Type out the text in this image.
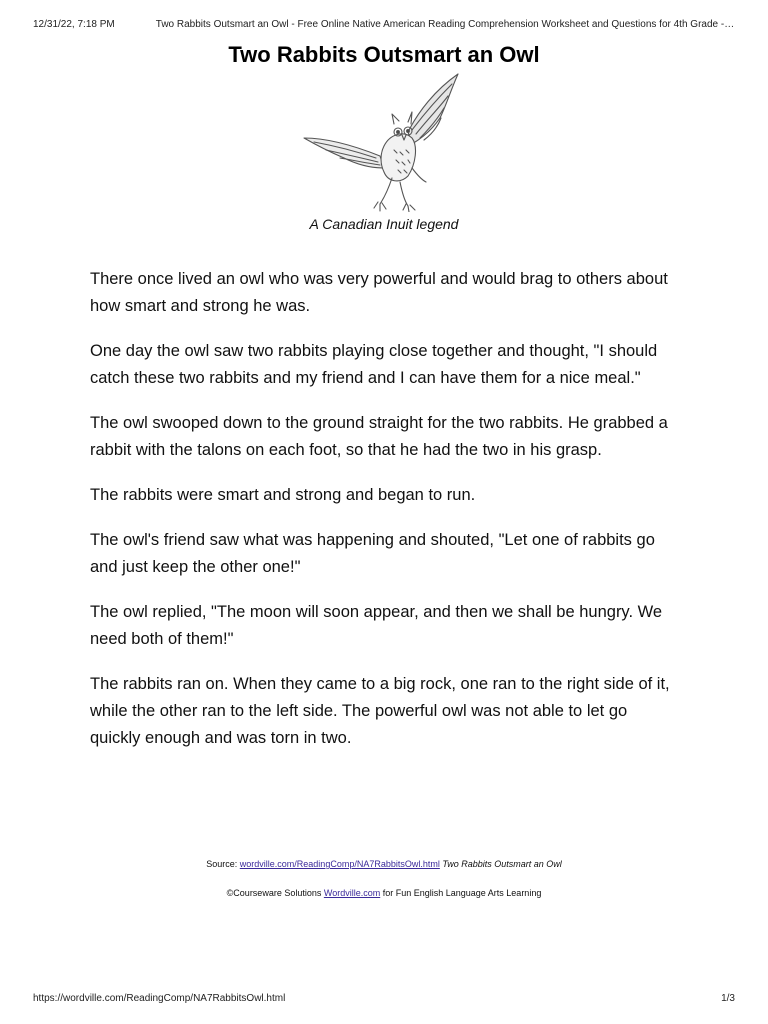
12/31/22, 7:18 PM	Two Rabbits Outsmart an Owl - Free Online Native American Reading Comprehension Worksheet and Questions for 4th Grade -…
Two Rabbits Outsmart an Owl
A Canadian Inuit legend

There once lived an owl who was very powerful and would brag to others about how smart and strong he was.

One day the owl saw two rabbits playing close together and thought, "I should catch these two rabbits and my friend and I can have them for a nice meal."

The owl swooped down to the ground straight for the two rabbits. He grabbed a rabbit with the talons on each foot, so that he had the two in his grasp.

The rabbits were smart and strong and began to run.

The owl's friend saw what was happening and shouted, "Let one of rabbits go and just keep the other one!"

The owl replied, "The moon will soon appear, and then we shall be hungry. We need both of them!"

The rabbits ran on. When they came to a big rock, one ran to the right side of it, while the other ran to the left side. The powerful owl was not able to let go quickly enough and was torn in two.

Source: wordville.com/ReadingComp/NA7RabbitsOwl.html Two Rabbits Outsmart an Owl
©Courseware Solutions Wordville.com for Fun English Language Arts Learning
https://wordville.com/ReadingComp/NA7RabbitsOwl.html	1/3
